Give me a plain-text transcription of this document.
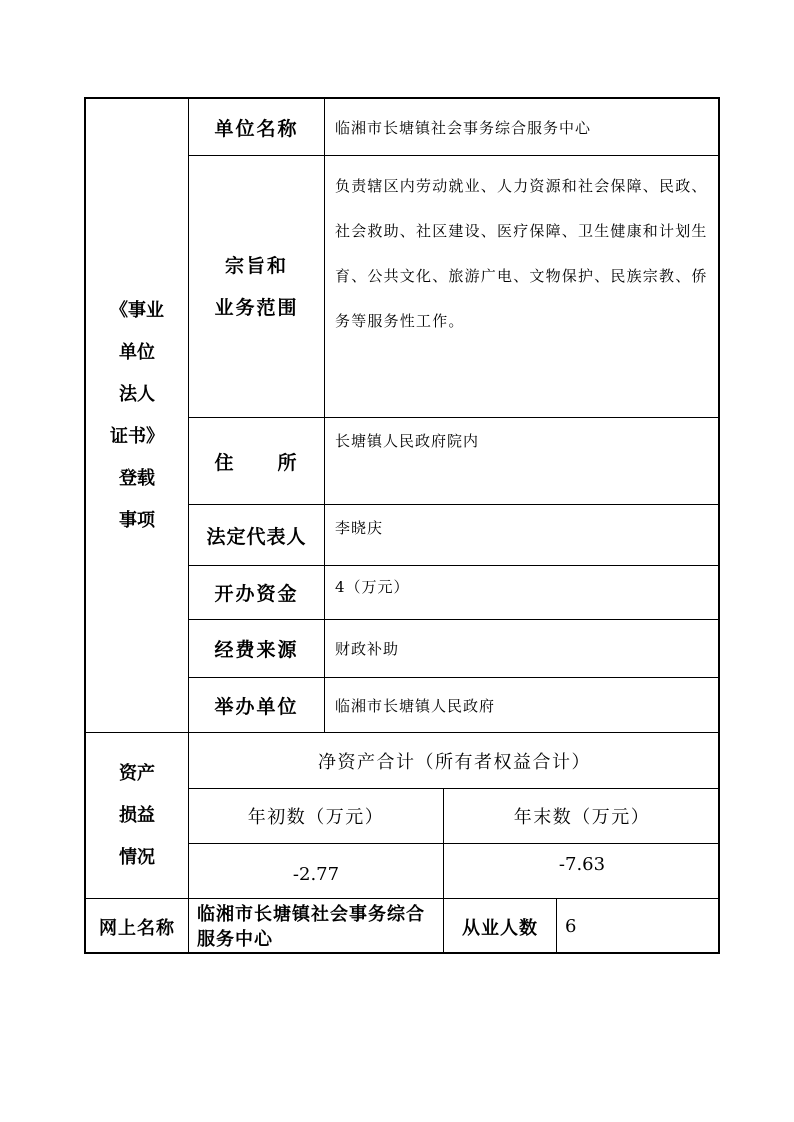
《事业
单位
法人
证书》
登载
事项
单位名称 临湘市长塘镇社会事务综合服务中心
宗旨和
业务范围
负责辖区内劳动就业、人力资源和社会保障、民政、社会救助、社区建设、医疗保障、卫生健康和计划生育、公共文化、旅游广电、文物保护、民族宗教、侨务等服务性工作。
住　　所
长塘镇人民政府院内
法定代表人 李晓庆
开办资金 4（万元）
经费来源 财政补助
举办单位 临湘市长塘镇人民政府
资产
损益
情况
净资产合计（所有者权益合计）
年初数（万元）	年末数（万元）
-2.77	-7.63
网上名称
临湘市长塘镇社会事务综合服务中心
从业人数 6
